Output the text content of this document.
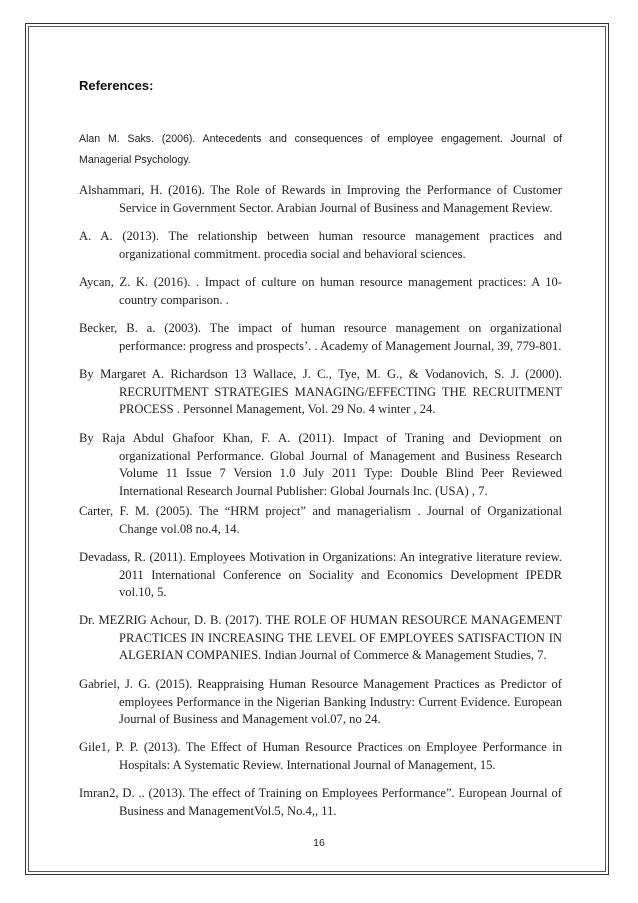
References:

Alan M. Saks. (2006). Antecedents and consequences of employee engagement. Journal of Managerial Psychology.

Alshammari, H. (2016). The Role of Rewards in Improving the Performance of Customer Service in Government Sector. Arabian Journal of Business and Management Review.

A. A. (2013). The relationship between human resource management practices and organizational commitment. procedia social and behavioral sciences.

Aycan, Z. K. (2016). . Impact of culture on human resource management practices: A 10-country comparison. .

Becker, B. a. (2003). The impact of human resource management on organizational performance: progress and prospects’. . Academy of Management Journal, 39, 779-801.

By Margaret A. Richardson 13 Wallace, J. C., Tye, M. G., & Vodanovich, S. J. (2000). RECRUITMENT STRATEGIES MANAGING/EFFECTING THE RECRUITMENT PROCESS . Personnel Management, Vol. 29 No. 4 winter , 24.

By Raja Abdul Ghafoor Khan, F. A. (2011). Impact of Traning and Deviopment on organizational Performance. Global Journal of Management and Business Research Volume 11 Issue 7 Version 1.0 July 2011 Type: Double Blind Peer Reviewed International Research Journal Publisher: Global Journals Inc. (USA) , 7.

Carter, F. M. (2005). The “HRM project” and managerialism . Journal of Organizational Change vol.08 no.4, 14.

Devadass, R. (2011). Employees Motivation in Organizations: An integrative literature review. 2011 International Conference on Sociality and Economics Development IPEDR vol.10, 5.

Dr. MEZRIG Achour, D. B. (2017). THE ROLE OF HUMAN RESOURCE MANAGEMENT PRACTICES IN INCREASING THE LEVEL OF EMPLOYEES SATISFACTION IN ALGERIAN COMPANIES. Indian Journal of Commerce & Management Studies, 7.

Gabriel, J. G. (2015). Reappraising Human Resource Management Practices as Predictor of employees Performance in the Nigerian Banking Industry: Current Evidence. European Journal of Business and Management vol.07, no 24.

Gile1, P. P. (2013). The Effect of Human Resource Practices on Employee Performance in Hospitals: A Systematic Review. International Journal of Management, 15.

Imran2, D. .. (2013). The effect of Training on Employees Performance”. European Journal of Business and ManagementVol.5, No.4,, 11.

16
